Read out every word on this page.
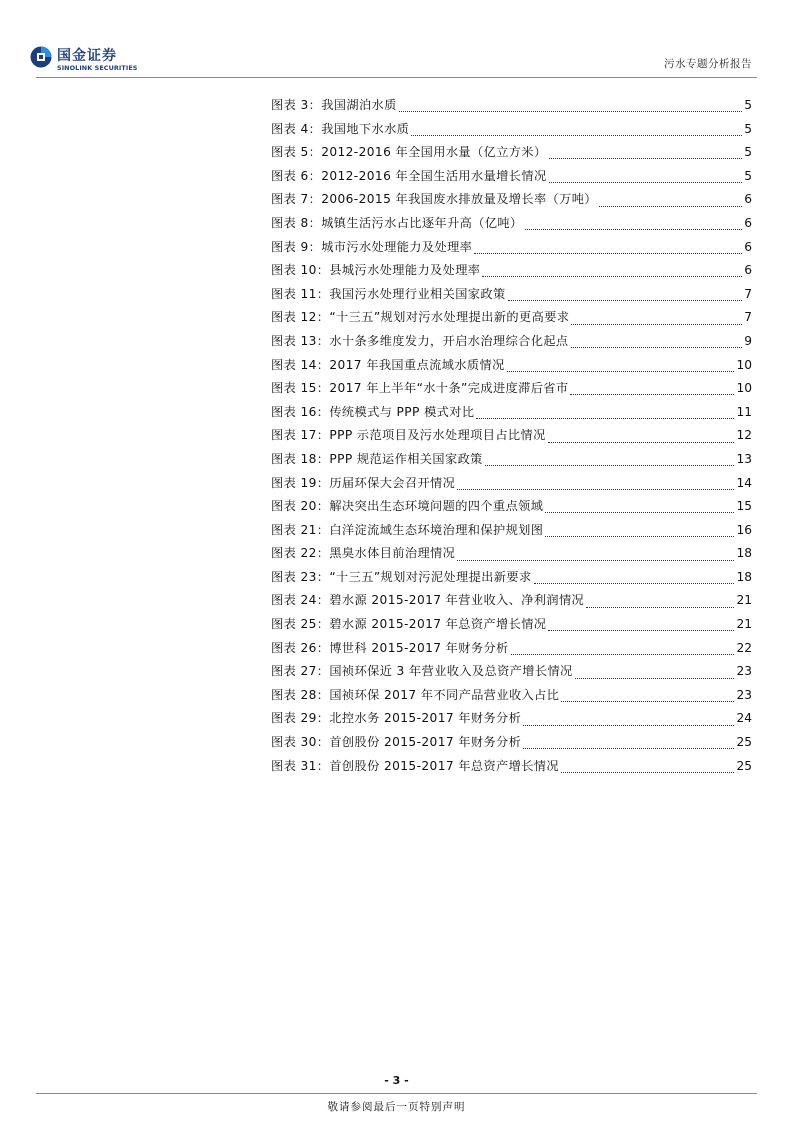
国金证券
SINOLINK SECURITIES	污水专题分析报告
图表 3：我国湖泊水质	5
图表 4：我国地下水水质	5
图表 5：2012-2016 年全国用水量（亿立方米）	5
图表 6：2012-2016 年全国生活用水量增长情况	5
图表 7：2006-2015 年我国废水排放量及增长率（万吨）	6
图表 8：城镇生活污水占比逐年升高（亿吨）	6
图表 9：城市污水处理能力及处理率	6
图表 10：县城污水处理能力及处理率	6
图表 11：我国污水处理行业相关国家政策	7
图表 12：“十三五”规划对污水处理提出新的更高要求	7
图表 13：水十条多维度发力，开启水治理综合化起点	9
图表 14：2017 年我国重点流域水质情况	10
图表 15：2017 年上半年“水十条”完成进度滞后省市	10
图表 16：传统模式与 PPP 模式对比	11
图表 17：PPP 示范项目及污水处理项目占比情况	12
图表 18：PPP 规范运作相关国家政策	13
图表 19：历届环保大会召开情况	14
图表 20：解决突出生态环境问题的四个重点领域	15
图表 21：白洋淀流域生态环境治理和保护规划图	16
图表 22：黑臭水体目前治理情况	18
图表 23：“十三五”规划对污泥处理提出新要求	18
图表 24：碧水源 2015-2017 年营业收入、净利润情况	21
图表 25：碧水源 2015-2017 年总资产增长情况	21
图表 26：博世科 2015-2017 年财务分析	22
图表 27：国祯环保近 3 年营业收入及总资产增长情况	23
图表 28：国祯环保 2017 年不同产品营业收入占比	23
图表 29：北控水务 2015-2017 年财务分析	24
图表 30：首创股份 2015-2017 年财务分析	25
图表 31：首创股份 2015-2017 年总资产增长情况	25
- 3 -
敬请参阅最后一页特别声明
